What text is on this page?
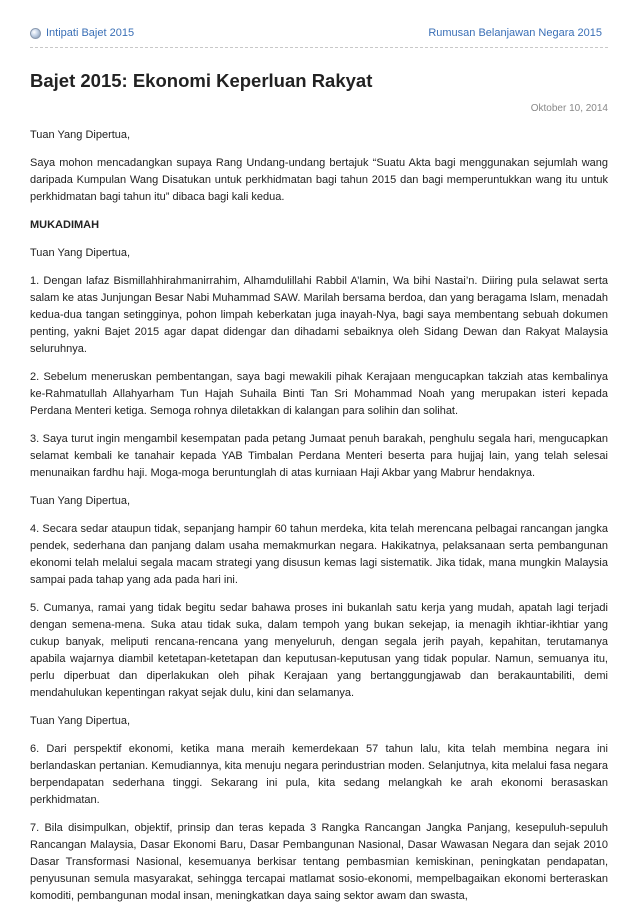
Intipati Bajet 2015	Rumusan Belanjawan Negara 2015
Bajet 2015: Ekonomi Keperluan Rakyat
Oktober 10, 2014

Tuan Yang Dipertua,

Saya mohon mencadangkan supaya Rang Undang-undang bertajuk “Suatu Akta bagi menggunakan sejumlah wang daripada Kumpulan Wang Disatukan untuk perkhidmatan bagi tahun 2015 dan bagi memperuntukkan wang itu untuk perkhidmatan bagi tahun itu” dibaca bagi kali kedua.

MUKADIMAH

Tuan Yang Dipertua,

1. Dengan lafaz Bismillahhirahmanirrahim, Alhamdulillahi Rabbil A’lamin, Wa bihi Nastai’n. Diiring pula selawat serta salam ke atas Junjungan Besar Nabi Muhammad SAW. Marilah bersama berdoa, dan yang beragama Islam, menadah kedua-dua tangan setingginya, pohon limpah keberkatan juga inayah-Nya, bagi saya membentang sebuah dokumen penting, yakni Bajet 2015 agar dapat didengar dan dihadami sebaiknya oleh Sidang Dewan dan Rakyat Malaysia seluruhnya.

2. Sebelum meneruskan pembentangan, saya bagi mewakili pihak Kerajaan mengucapkan takziah atas kembalinya ke-Rahmatullah Allahyarham Tun Hajah Suhaila Binti Tan Sri Mohammad Noah yang merupakan isteri kepada Perdana Menteri ketiga. Semoga rohnya diletakkan di kalangan para solihin dan solihat.

3. Saya turut ingin mengambil kesempatan pada petang Jumaat penuh barakah, penghulu segala hari, mengucapkan selamat kembali ke tanahair kepada YAB Timbalan Perdana Menteri beserta para hujjaj lain, yang telah selesai menunaikan fardhu haji. Moga-moga beruntunglah di atas kurniaan Haji Akbar yang Mabrur hendaknya.

Tuan Yang Dipertua,

4. Secara sedar ataupun tidak, sepanjang hampir 60 tahun merdeka, kita telah merencana pelbagai rancangan jangka pendek, sederhana dan panjang dalam usaha memakmurkan negara. Hakikatnya, pelaksanaan serta pembangunan ekonomi telah melalui segala macam strategi yang disusun kemas lagi sistematik. Jika tidak, mana mungkin Malaysia sampai pada tahap yang ada pada hari ini.

5. Cumanya, ramai yang tidak begitu sedar bahawa proses ini bukanlah satu kerja yang mudah, apatah lagi terjadi dengan semena-mena. Suka atau tidak suka, dalam tempoh yang bukan sekejap, ia menagih ikhtiar-ikhtiar yang cukup banyak, meliputi rencana-rencana yang menyeluruh, dengan segala jerih payah, kepahitan, terutamanya apabila wajarnya diambil ketetapan-ketetapan dan keputusan-keputusan yang tidak popular. Namun, semuanya itu, perlu diperbuat dan diperlakukan oleh pihak Kerajaan yang bertanggungjawab dan berakauntabiliti, demi mendahulukan kepentingan rakyat sejak dulu, kini dan selamanya.

Tuan Yang Dipertua,

6. Dari perspektif ekonomi, ketika mana meraih kemerdekaan 57 tahun lalu, kita telah membina negara ini berlandaskan pertanian. Kemudiannya, kita menuju negara perindustrian moden. Selanjutnya, kita melalui fasa negara berpendapatan sederhana tinggi. Sekarang ini pula, kita sedang melangkah ke arah ekonomi berasaskan perkhidmatan.

7. Bila disimpulkan, objektif, prinsip dan teras kepada 3 Rangka Rancangan Jangka Panjang, kesepuluh-sepuluh Rancangan Malaysia, Dasar Ekonomi Baru, Dasar Pembangunan Nasional, Dasar Wawasan Negara dan sejak 2010 Dasar Transformasi Nasional, kesemuanya berkisar tentang pembasmian kemiskinan, peningkatan pendapatan, penyusunan semula masyarakat, sehingga tercapai matlamat sosio-ekonomi, mempelbagaikan ekonomi berteraskan komoditi, pembangunan modal insan, meningkatkan daya saing sektor awam dan swasta,
